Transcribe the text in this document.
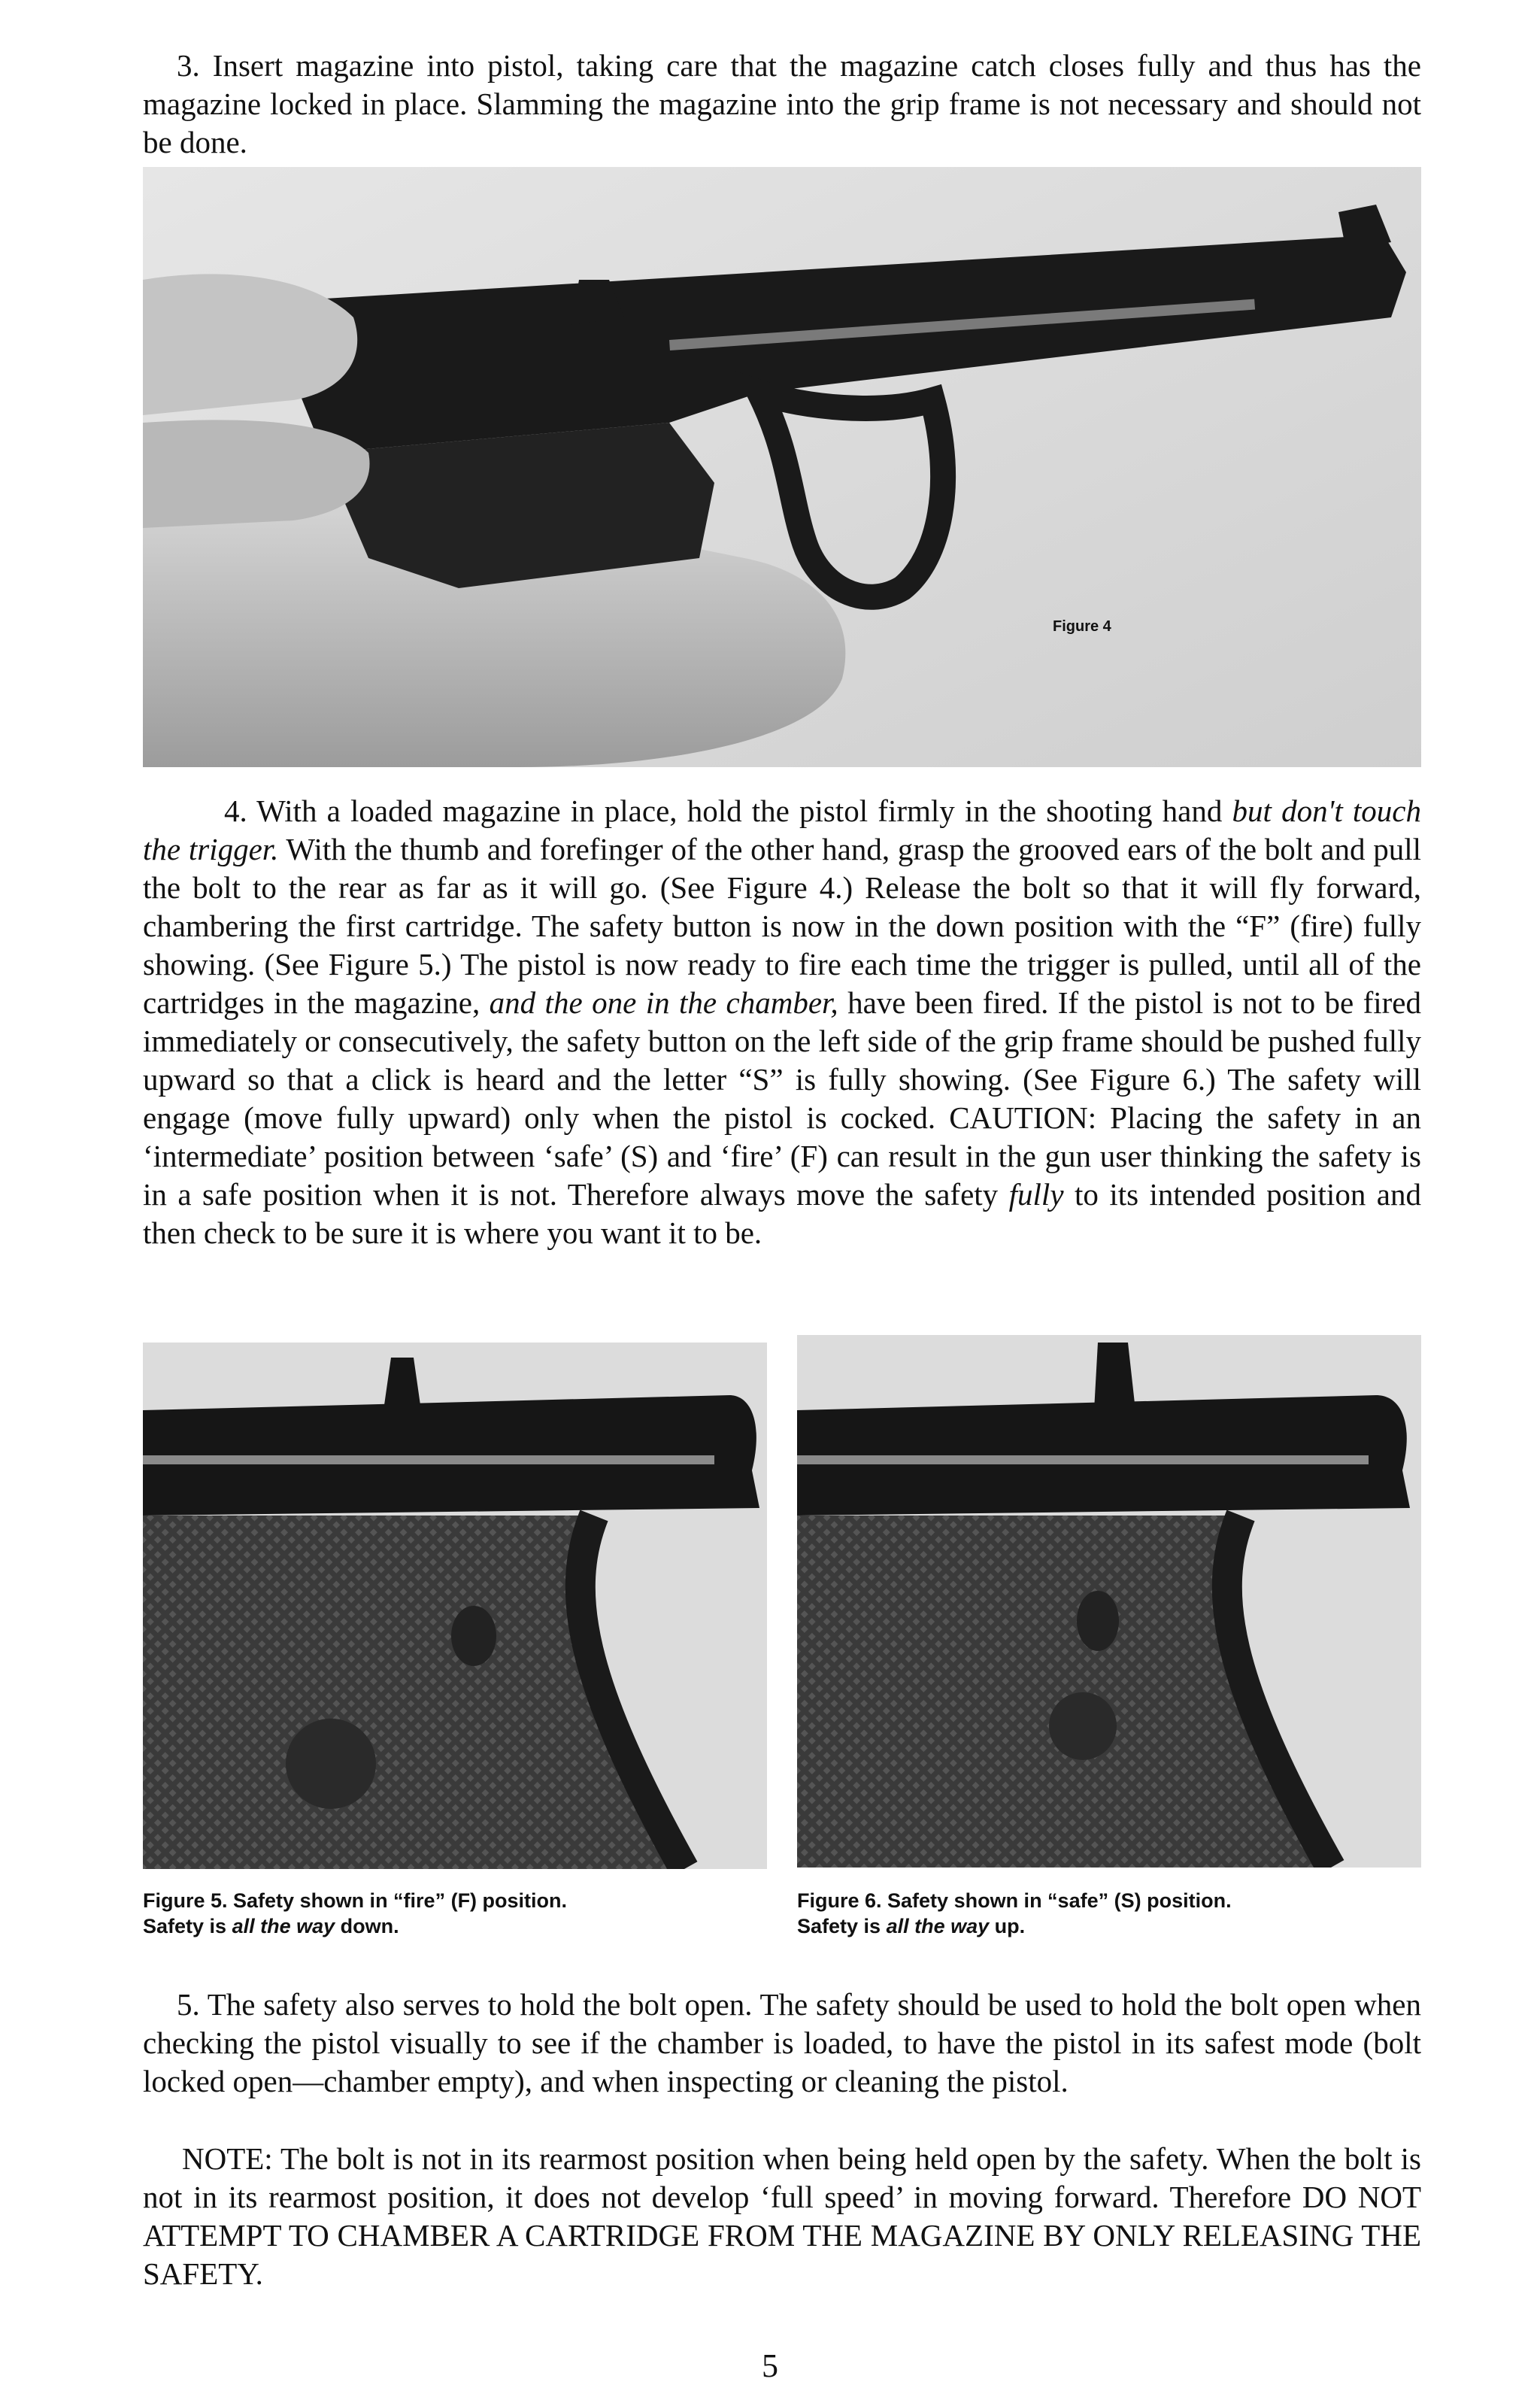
3. Insert magazine into pistol, taking care that the magazine catch closes fully and thus has the magazine locked in place. Slamming the magazine into the grip frame is not necessary and should not be done.

Figure 4

4. With a loaded magazine in place, hold the pistol firmly in the shooting hand but don't touch the trigger. With the thumb and forefinger of the other hand, grasp the grooved ears of the bolt and pull the bolt to the rear as far as it will go. (See Figure 4.) Release the bolt so that it will fly forward, chambering the first cartridge. The safety button is now in the down position with the “F” (fire) fully showing. (See Figure 5.) The pistol is now ready to fire each time the trigger is pulled, until all of the cartridges in the magazine, and the one in the chamber, have been fired. If the pistol is not to be fired immediately or consecutively, the safety button on the left side of the grip frame should be pushed fully upward so that a click is heard and the letter “S” is fully showing. (See Figure 6.) The safety will engage (move fully upward) only when the pistol is cocked. CAUTION: Placing the safety in an ‘intermediate’ position between ‘safe’ (S) and ‘fire’ (F) can result in the gun user thinking the safety is in a safe position when it is not. Therefore always move the safety fully to its intended position and then check to be sure it is where you want it to be.

Figure 5. Safety shown in “fire” (F) position.
Safety is all the way down.

Figure 6. Safety shown in “safe” (S) position.
Safety is all the way up.

5. The safety also serves to hold the bolt open. The safety should be used to hold the bolt open when checking the pistol visually to see if the chamber is loaded, to have the pistol in its safest mode (bolt locked open—chamber empty), and when inspecting or cleaning the pistol.

NOTE: The bolt is not in its rearmost position when being held open by the safety. When the bolt is not in its rearmost position, it does not develop ‘full speed’ in moving forward. Therefore DO NOT ATTEMPT TO CHAMBER A CARTRIDGE FROM THE MAGAZINE BY ONLY RELEASING THE SAFETY.

5
